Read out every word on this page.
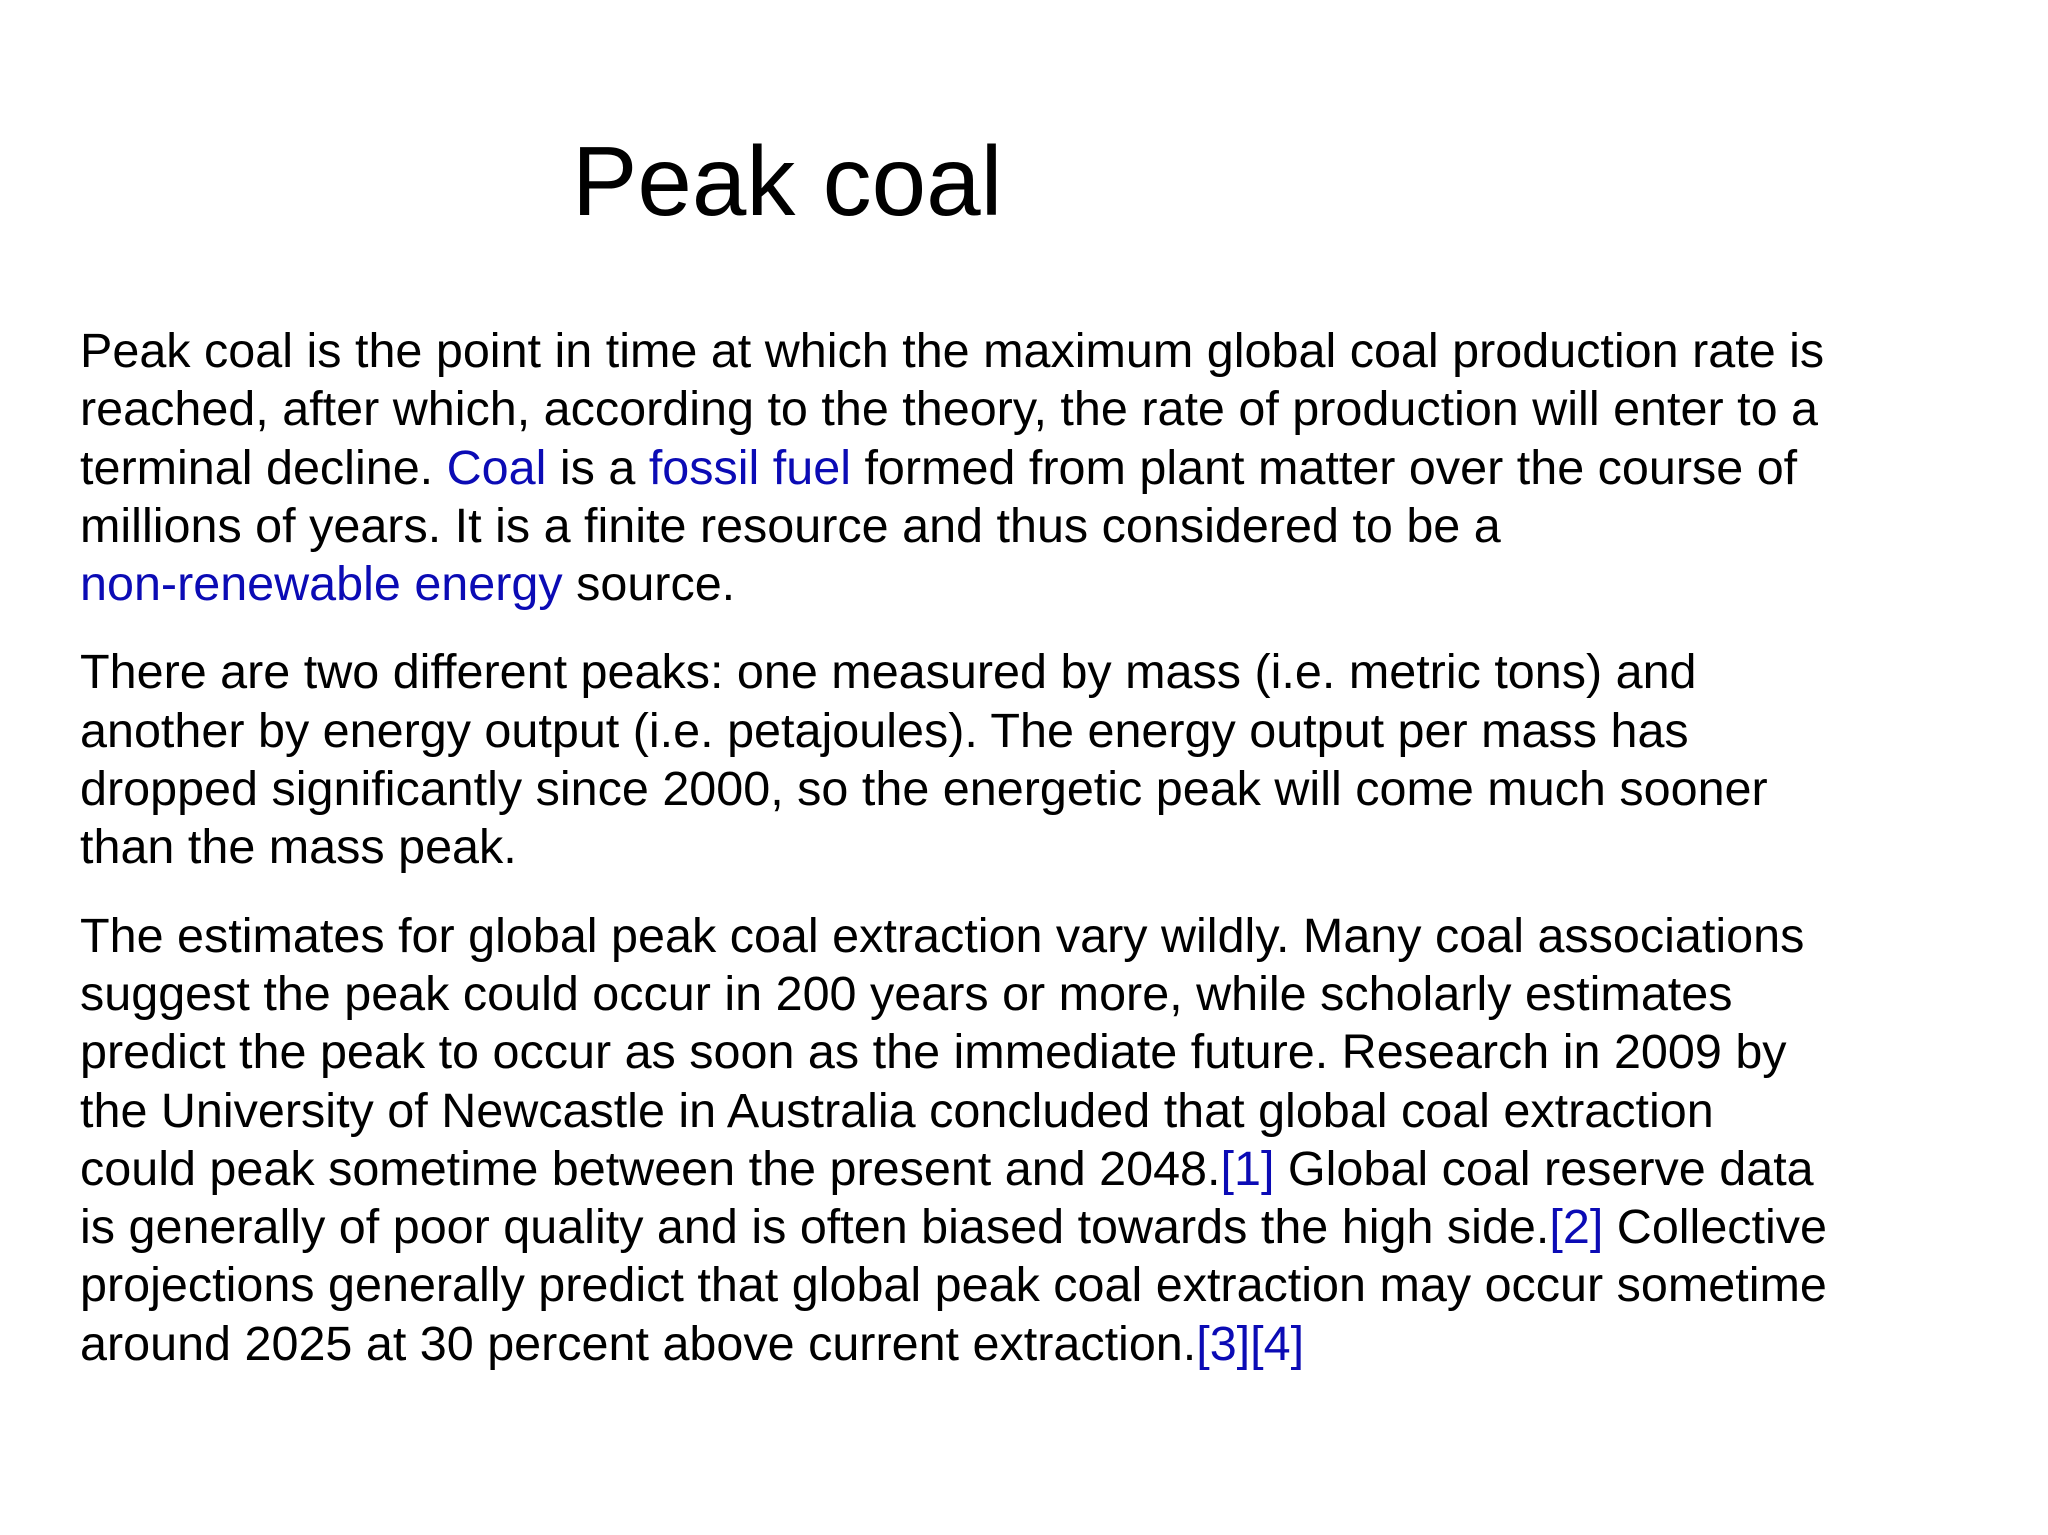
Peak coal

Peak coal is the point in time at which the maximum global coal production rate is
reached, after which, according to the theory, the rate of production will enter to a
terminal decline. Coal is a fossil fuel formed from plant matter over the course of
millions of years. It is a finite resource and thus considered to be a
non-renewable energy source.

There are two different peaks: one measured by mass (i.e. metric tons) and
another by energy output (i.e. petajoules). The energy output per mass has
dropped significantly since 2000, so the energetic peak will come much sooner
than the mass peak.

The estimates for global peak coal extraction vary wildly. Many coal associations
suggest the peak could occur in 200 years or more, while scholarly estimates
predict the peak to occur as soon as the immediate future. Research in 2009 by
the University of Newcastle in Australia concluded that global coal extraction
could peak sometime between the present and 2048.[1] Global coal reserve data
is generally of poor quality and is often biased towards the high side.[2] Collective
projections generally predict that global peak coal extraction may occur sometime
around 2025 at 30 percent above current extraction.[3][4]
